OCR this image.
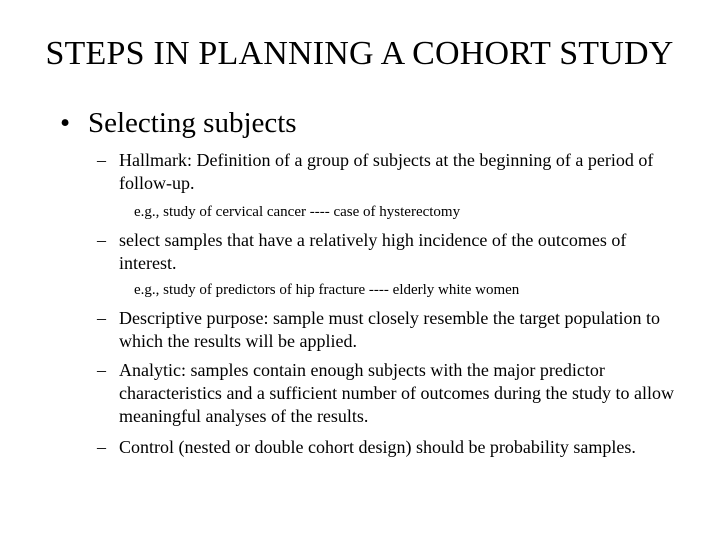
STEPS IN PLANNING A COHORT STUDY
• Selecting subjects
– Hallmark: Definition of a group of subjects at the beginning of a period of follow-up.
e.g., study of cervical cancer ---- case of hysterectomy
– select samples that have a relatively high incidence of the outcomes of interest.
e.g., study of predictors of hip fracture ---- elderly white women
– Descriptive purpose: sample must closely resemble the target population to which the results will be applied.
– Analytic: samples contain enough subjects with the major predictor characteristics and a sufficient number of outcomes during the study to allow meaningful analyses of the results.
– Control (nested or double cohort design) should be probability samples.
